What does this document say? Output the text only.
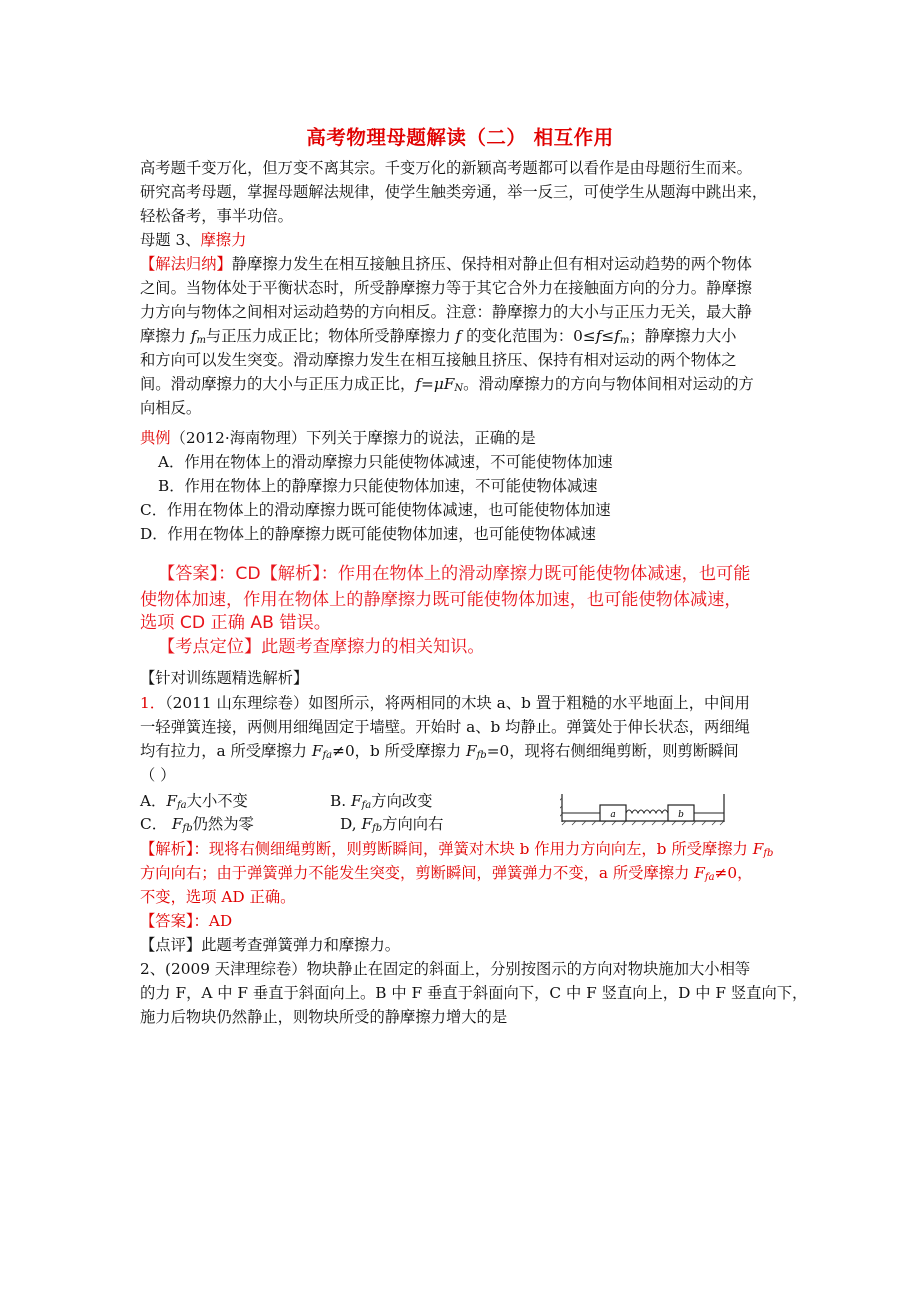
高考物理母题解读（二） 相互作用
高考题千变万化，但万变不离其宗。千变万化的新颖高考题都可以看作是由母题衍生而来。
研究高考母题，掌握母题解法规律，使学生触类旁通，举一反三，可使学生从题海中跳出来，
轻松备考，事半功倍。
母题 3、摩擦力
【解法归纳】静摩擦力发生在相互接触且挤压、保持相对静止但有相对运动趋势的两个物体
之间。当物体处于平衡状态时，所受静摩擦力等于其它合外力在接触面方向的分力。静摩擦
力方向与物体之间相对运动趋势的方向相反。注意：静摩擦力的大小与正压力无关，最大静
摩擦力 $f_m$与正压力成正比；物体所受静摩擦力 f 的变化范围为：$0\le f\le f_m$；静摩擦力大小
和方向可以发生突变。滑动摩擦力发生在相互接触且挤压、保持有相对运动的两个物体之
间。滑动摩擦力的大小与正压力成正比，$f=\mu F_N$。滑动摩擦力的方向与物体间相对运动的方
向相反。
典例（2012·海南物理）下列关于摩擦力的说法，正确的是
A．作用在物体上的滑动摩擦力只能使物体减速，不可能使物体加速
B．作用在物体上的静摩擦力只能使物体加速，不可能使物体减速
C．作用在物体上的滑动摩擦力既可能使物体减速，也可能使物体加速
D．作用在物体上的静摩擦力既可能使物体加速，也可能使物体减速
【答案】：CD【解析】：作用在物体上的滑动摩擦力既可能使物体减速，也可能
使物体加速，作用在物体上的静摩擦力既可能使物体加速，也可能使物体减速，
选项 CD 正确 AB 错误。
【考点定位】此题考查摩擦力的相关知识。
【针对训练题精选解析】
1．（2011 山东理综卷）如图所示，将两相同的木块 a、b 置于粗糙的水平地面上，中间用
一轻弹簧连接，两侧用细绳固定于墙壁。开始时 a、b 均静止。弹簧处于伸长状态，两细绳
均有拉力，a 所受摩擦力 $F_{fa}\ne 0$，b 所受摩擦力 $F_{fb}=0$，现将右侧细绳剪断，则剪断瞬间
（ ）
A．$F_{fa}$大小不变	B. $F_{fa}$方向改变
C． $F_{fb}$仍然为零	D, $F_{fb}$方向向右	a	b
【解析】：现将右侧细绳剪断，则剪断瞬间，弹簧对木块 b 作用力方向向左，b 所受摩擦力 $F_{fb}$
方向向右；由于弹簧弹力不能发生突变，剪断瞬间，弹簧弹力不变，a 所受摩擦力 $F_{fa}\ne 0$，
不变，选项 AD 正确。
【答案】：AD
【点评】此题考查弹簧弹力和摩擦力。
2、(2009 天津理综卷）物块静止在固定的斜面上，分别按图示的方向对物块施加大小相等
的力 F，A 中 F 垂直于斜面向上。B 中 F 垂直于斜面向下，C 中 F 竖直向上，D 中 F 竖直向下，
施力后物块仍然静止，则物块所受的静摩擦力增大的是
